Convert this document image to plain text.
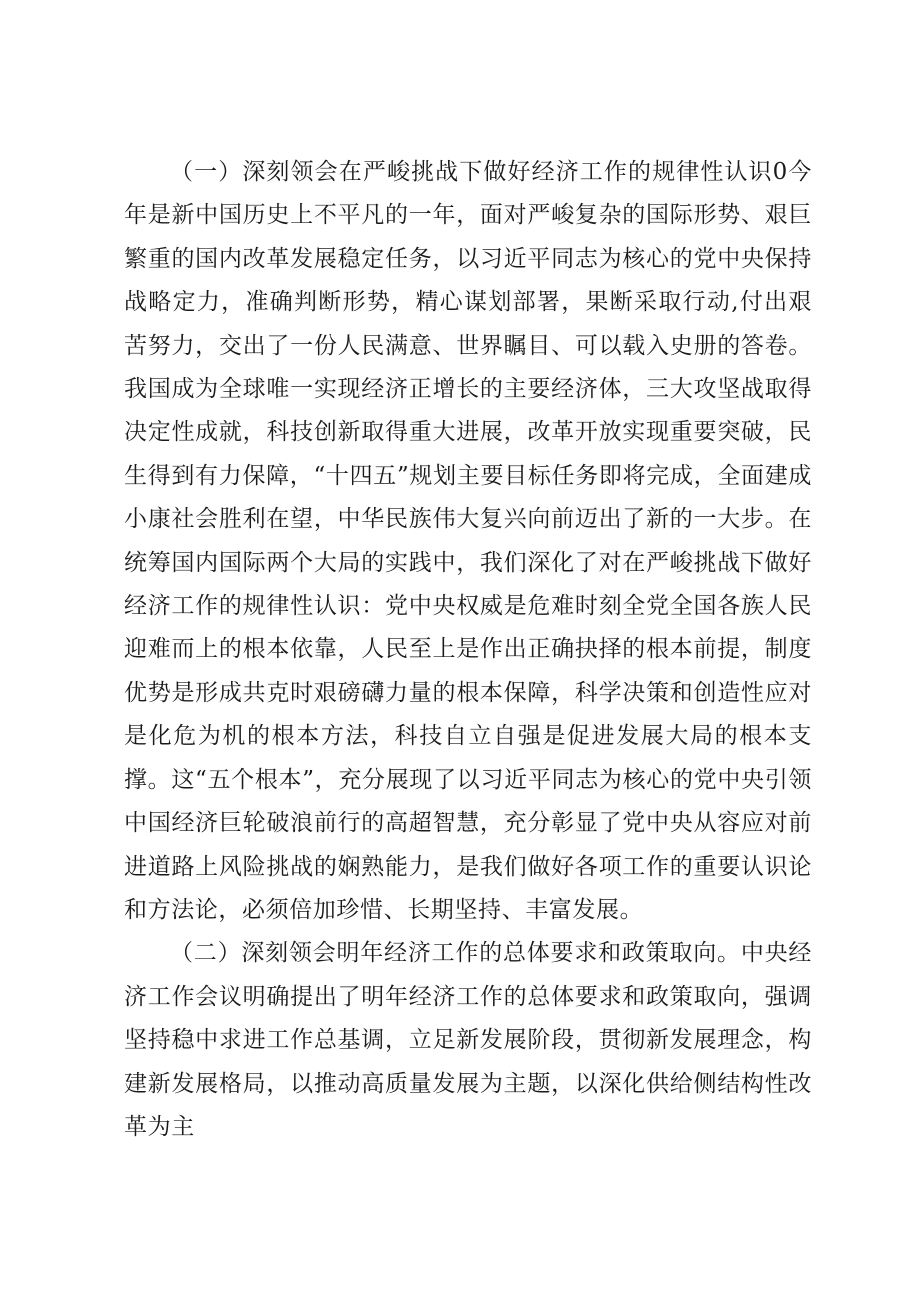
（一）深刻领会在严峻挑战下做好经济工作的规律性认识0今年是新中国历史上不平凡的一年，面对严峻复杂的国际形势、艰巨繁重的国内改革发展稳定任务，以习近平同志为核心的党中央保持战略定力，准确判断形势，精心谋划部署，果断采取行动,付出艰苦努力，交出了一份人民满意、世界瞩目、可以载入史册的答卷。我国成为全球唯一实现经济正增长的主要经济体，三大攻坚战取得决定性成就，科技创新取得重大进展，改革开放实现重要突破，民生得到有力保障，“十四五”规划主要目标任务即将完成，全面建成小康社会胜利在望，中华民族伟大复兴向前迈出了新的一大步。在统筹国内国际两个大局的实践中，我们深化了对在严峻挑战下做好经济工作的规律性认识：党中央权威是危难时刻全党全国各族人民迎难而上的根本依靠，人民至上是作出正确抉择的根本前提，制度优势是形成共克时艰磅礴力量的根本保障，科学决策和创造性应对是化危为机的根本方法，科技自立自强是促进发展大局的根本支撑。这“五个根本”，充分展现了以习近平同志为核心的党中央引领中国经济巨轮破浪前行的高超智慧，充分彰显了党中央从容应对前进道路上风险挑战的娴熟能力，是我们做好各项工作的重要认识论和方法论，必须倍加珍惜、长期坚持、丰富发展。

（二）深刻领会明年经济工作的总体要求和政策取向。中央经济工作会议明确提出了明年经济工作的总体要求和政策取向，强调坚持稳中求进工作总基调，立足新发展阶段，贯彻新发展理念，构建新发展格局，以推动高质量发展为主题，以深化供给侧结构性改革为主
